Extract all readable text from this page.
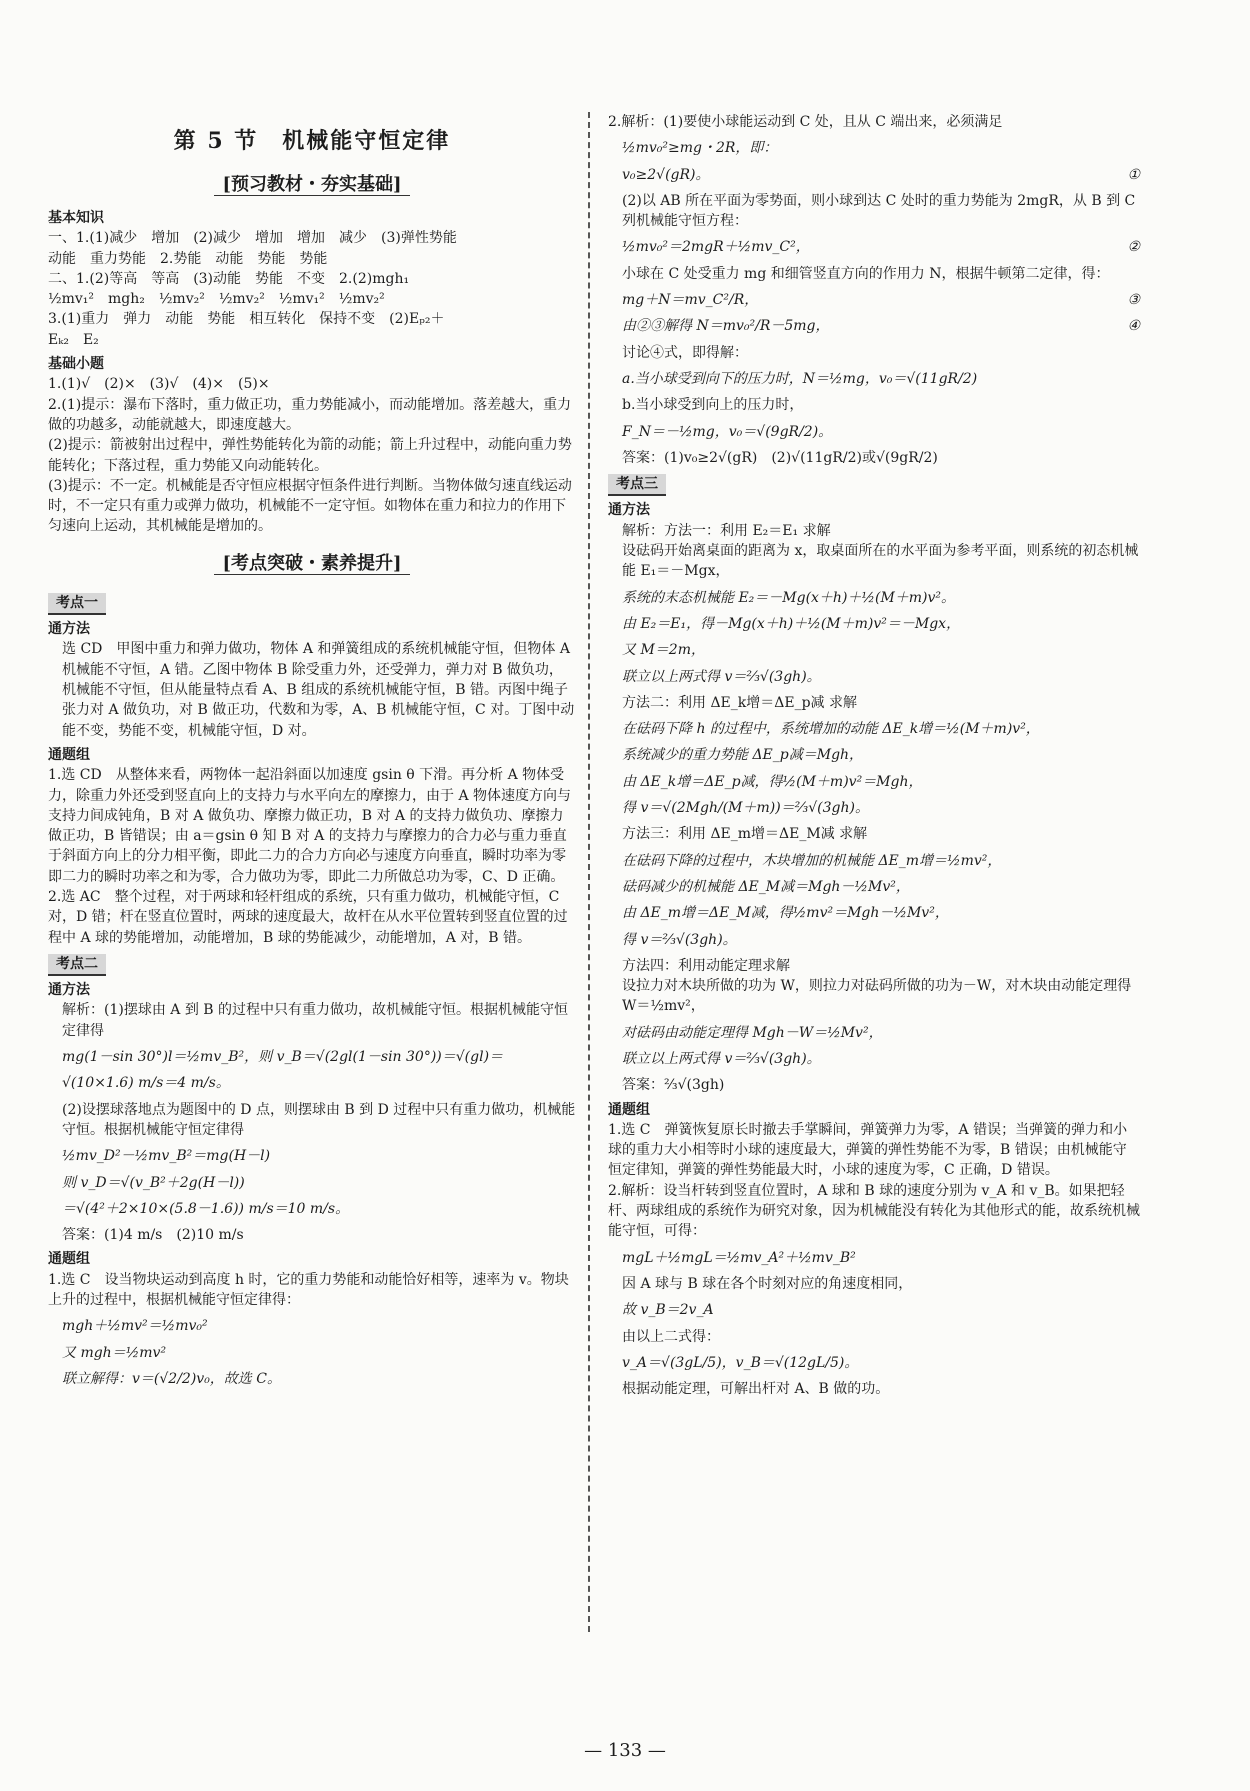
第 5 节　机械能守恒定律
[预习教材・夯实基础]
基本知识

一、1.(1)减少　增加　(2)减少　增加　增加　减少　(3)弹性势能

动能　重力势能　2.势能　动能　势能　势能

二、1.(2)等高　等高　(3)动能　势能　不变　2.(2)mgh₁

½mv₁²　mgh₂　½mv₂²　½mv₂²　½mv₁²　½mv₂²

3.(1)重力　弹力　动能　势能　相互转化　保持不变　(2)Eₚ₂＋

Eₖ₂　E₂

基础小题

1.(1)√　(2)×　(3)√　(4)×　(5)×

2.(1)提示：瀑布下落时，重力做正功，重力势能减小，而动能增加。落差越大，重力做的功越多，动能就越大，即速度越大。

(2)提示：箭被射出过程中，弹性势能转化为箭的动能；箭上升过程中，动能向重力势能转化；下落过程，重力势能又向动能转化。

(3)提示：不一定。机械能是否守恒应根据守恒条件进行判断。当物体做匀速直线运动时，不一定只有重力或弹力做功，机械能不一定守恒。如物体在重力和拉力的作用下匀速向上运动，其机械能是增加的。

[考点突破・素养提升]
考点一
通方法

选 CD　甲图中重力和弹力做功，物体 A 和弹簧组成的系统机械能守恒，但物体 A 机械能不守恒，A 错。乙图中物体 B 除受重力外，还受弹力，弹力对 B 做负功，机械能不守恒，但从能量特点看 A、B 组成的系统机械能守恒，B 错。丙图中绳子张力对 A 做负功，对 B 做正功，代数和为零，A、B 机械能守恒，C 对。丁图中动能不变，势能不变，机械能守恒，D 对。

通题组

1.选 CD　从整体来看，两物体一起沿斜面以加速度 gsin θ 下滑。再分析 A 物体受力，除重力外还受到竖直向上的支持力与水平向左的摩擦力，由于 A 物体速度方向与支持力间成钝角，B 对 A 做负功、摩擦力做正功，B 对 A 的支持力做负功、摩擦力做正功，B 皆错误；由 a＝gsin θ 知 B 对 A 的支持力与摩擦力的合力必与重力垂直于斜面方向上的分力相平衡，即此二力的合力方向必与速度方向垂直，瞬时功率为零即二力的瞬时功率之和为零，合力做功为零，即此二力所做总功为零，C、D 正确。

2.选 AC　整个过程，对于两球和轻杆组成的系统，只有重力做功，机械能守恒，C 对，D 错；杆在竖直位置时，两球的速度最大，故杆在从水平位置转到竖直位置的过程中 A 球的势能增加，动能增加，B 球的势能减少，动能增加，A 对，B 错。

考点二
通方法

解析：(1)摆球由 A 到 B 的过程中只有重力做功，故机械能守恒。根据机械能守恒定律得

mg(1－sin 30°)l＝½mv_B²，则 v_B＝√(2gl(1－sin 30°))＝√(gl)＝
√(10×1.6) m/s＝4 m/s。

(2)设摆球落地点为题图中的 D 点，则摆球由 B 到 D 过程中只有重力做功，机械能守恒。根据机械能守恒定律得

½mv_D²－½mv_B²＝mg(H－l)
则 v_D＝√(v_B²＋2g(H－l))
＝√(4²＋2×10×(5.8－1.6)) m/s＝10 m/s。

答案：(1)4 m/s　(2)10 m/s

通题组

1.选 C　设当物块运动到高度 h 时，它的重力势能和动能恰好相等，速率为 v。物块上升的过程中，根据机械能守恒定律得：

mgh＋½mv²＝½mv₀²
又 mgh＝½mv²
联立解得：v＝(√2/2)v₀，故选 C。

2.解析：(1)要使小球能运动到 C 处，且从 C 端出来，必须满足

½mv₀²≥mg・2R，即：
v₀≥2√(gR)。	①

(2)以 AB 所在平面为零势面，则小球到达 C 处时的重力势能为 2mgR，从 B 到 C 列机械能守恒方程：

½mv₀²＝2mgR＋½mv_C²，	②

小球在 C 处受重力 mg 和细管竖直方向的作用力 N，根据牛顿第二定律，得：

mg＋N＝mv_C²/R，	③
由②③解得 N＝mv₀²/R－5mg，	④

讨论④式，即得解：

a.当小球受到向下的压力时，N＝½mg，v₀＝√(11gR/2)

b.当小球受到向上的压力时，

F_N＝－½mg，v₀＝√(9gR/2)。

答案：(1)v₀≥2√(gR)　(2)√(11gR/2)或√(9gR/2)

考点三
通方法

解析：方法一：利用 E₂＝E₁ 求解

设砝码开始离桌面的距离为 x，取桌面所在的水平面为参考平面，则系统的初态机械能 E₁＝－Mgx，

系统的末态机械能 E₂＝－Mg(x＋h)＋½(M＋m)v²。
由 E₂＝E₁，得－Mg(x＋h)＋½(M＋m)v²＝－Mgx，
又 M＝2m，
联立以上两式得 v＝⅔√(3gh)。

方法二：利用 ΔE_k增＝ΔE_p减 求解

在砝码下降 h 的过程中，系统增加的动能 ΔE_k增＝½(M＋m)v²，
系统减少的重力势能 ΔE_p减＝Mgh，
由 ΔE_k增＝ΔE_p减，得½(M＋m)v²＝Mgh，
得 v＝√(2Mgh/(M＋m))＝⅔√(3gh)。

方法三：利用 ΔE_m增＝ΔE_M减 求解

在砝码下降的过程中，木块增加的机械能 ΔE_m增＝½mv²，
砝码减少的机械能 ΔE_M减＝Mgh－½Mv²，
由 ΔE_m增＝ΔE_M减，得½mv²＝Mgh－½Mv²，
得 v＝⅔√(3gh)。

方法四：利用动能定理求解

设拉力对木块所做的功为 W，则拉力对砝码所做的功为－W，对木块由动能定理得 W＝½mv²，

对砝码由动能定理得 Mgh－W＝½Mv²，
联立以上两式得 v＝⅔√(3gh)。

答案：⅔√(3gh)

通题组

1.选 C　弹簧恢复原长时撤去手掌瞬间，弹簧弹力为零，A 错误；当弹簧的弹力和小球的重力大小相等时小球的速度最大，弹簧的弹性势能不为零，B 错误；由机械能守恒定律知，弹簧的弹性势能最大时，小球的速度为零，C 正确，D 错误。

2.解析：设当杆转到竖直位置时，A 球和 B 球的速度分别为 v_A 和 v_B。如果把轻杆、两球组成的系统作为研究对象，因为机械能没有转化为其他形式的能，故系统机械能守恒，可得：

mgL＋½mgL＝½mv_A²＋½mv_B²

因 A 球与 B 球在各个时刻对应的角速度相同，

故 v_B＝2v_A

由以上二式得：

v_A＝√(3gL/5)，v_B＝√(12gL/5)。

根据动能定理，可解出杆对 A、B 做的功。

— 133 —
